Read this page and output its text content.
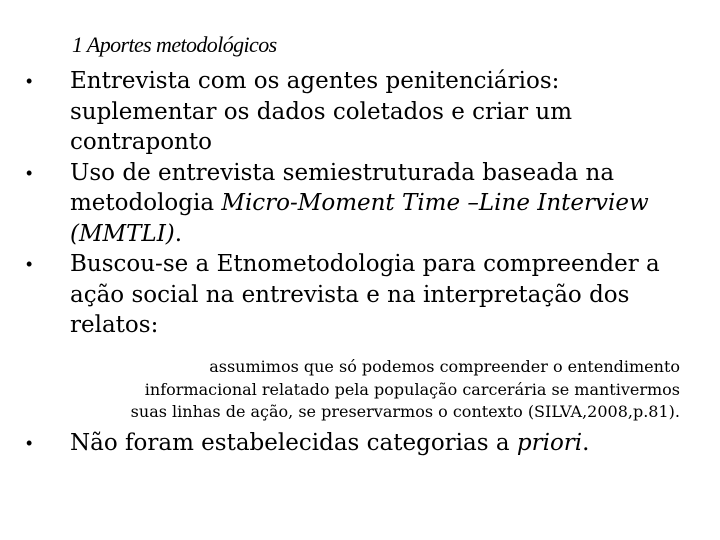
1 Aportes metodológicos
• Entrevista com os agentes penitenciários: suplementar os dados coletados e criar um contraponto
• Uso de entrevista semiestruturada baseada na metodologia Micro-Moment Time –Line Interview (MMTLI).
• Buscou-se a Etnometodologia para compreender a ação social na entrevista e na interpretação dos relatos:
assumimos que só podemos compreender o entendimento
informacional relatado pela população carcerária se mantivermos
suas linhas de ação, se preservarmos o contexto (SILVA,2008,p.81).
• Não foram estabelecidas categorias a priori.
